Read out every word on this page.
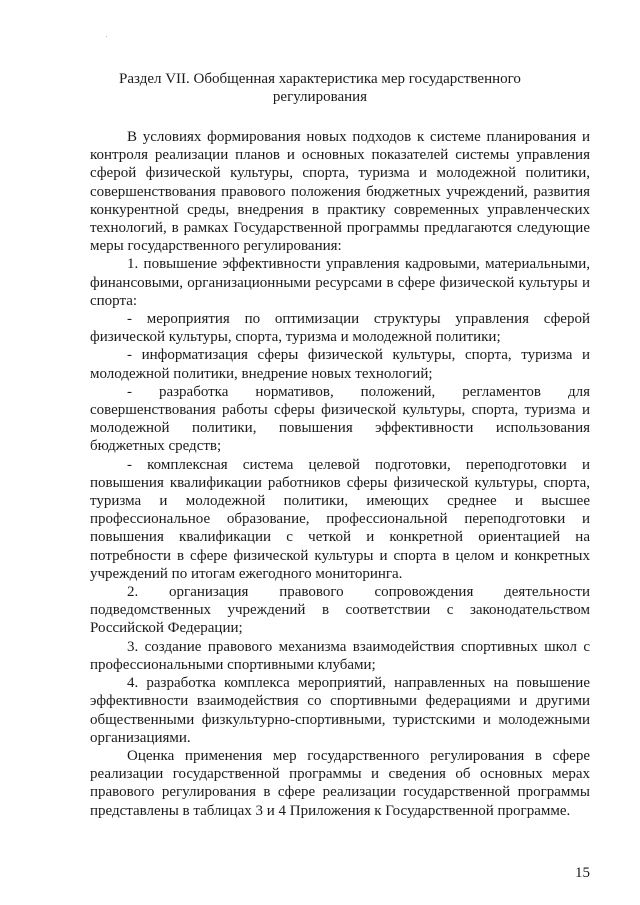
Раздел VII. Обобщенная характеристика мер государственного
регулирования

В условиях формирования новых подходов к системе планирования и контроля реализации планов и основных показателей системы управления сферой физической культуры, спорта, туризма и молодежной политики, совершенствования правового положения бюджетных учреждений, развития конкурентной среды, внедрения в практику современных управленческих технологий, в рамках Государственной программы предлагаются следующие меры государственного регулирования:

1. повышение эффективности управления кадровыми, материальными, финансовыми, организационными ресурсами в сфере физической культуры и спорта:

- мероприятия по оптимизации структуры управления сферой физической культуры, спорта, туризма и молодежной политики;

- информатизация сферы физической культуры, спорта, туризма и молодежной политики, внедрение новых технологий;

- разработка нормативов, положений, регламентов для совершенствования работы сферы физической культуры, спорта, туризма и молодежной политики, повышения эффективности использования бюджетных средств;

- комплексная система целевой подготовки, переподготовки и повышения квалификации работников сферы физической культуры, спорта, туризма и молодежной политики, имеющих среднее и высшее профессиональное образование, профессиональной переподготовки и повышения квалификации с четкой и конкретной ориентацией на потребности в сфере физической культуры и спорта в целом и конкретных учреждений по итогам ежегодного мониторинга.

2. организация правового сопровождения деятельности подведомственных учреждений в соответствии с законодательством Российской Федерации;

3. создание правового механизма взаимодействия спортивных школ с профессиональными спортивными клубами;

4. разработка комплекса мероприятий, направленных на повышение эффективности взаимодействия со спортивными федерациями и другими общественными физкультурно-спортивными, туристскими и молодежными организациями.

Оценка применения мер государственного регулирования в сфере реализации государственной программы и сведения об основных мерах правового регулирования в сфере реализации государственной программы представлены в таблицах 3 и 4 Приложения к Государственной программе.

15
